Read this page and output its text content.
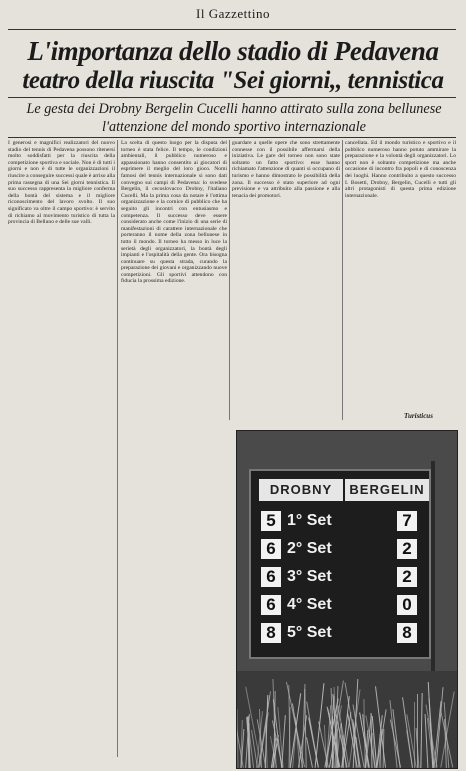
Il Gazzettino
L'importanza dello stadio di Pedavena
teatro della riuscita "Sei giorni,, tennistica
Le gesta dei Drobny Bergelin Cucelli hanno attirato sulla zona bellunese l'attenzione del mondo sportivo internazionale
I generosi e magnifici realizzatori del nuovo stadio del tennis di Pedavena possono ritenersi molto soddisfatti per la riuscita della competizione sportiva e sociale. Non è di tutti i giorni e non è di tutte le organizzazioni il riuscire a conseguire successi quale è arriso alla prima rassegna di una Sei giorni tennistica. Il suo successo rappresenta la migliore conferma della bontà del sistema e il migliore riconoscimento del lavoro svolto. Il suo significato va oltre il campo sportivo: è servito di richiamo al movimento turistico di tutta la provincia di Belluno e delle sue valli.
La scelta di questo luogo per la disputa del torneo è stata felice. Il tempo, le condizioni ambientali, il pubblico numeroso e appassionato hanno consentito ai giocatori di esprimere il meglio del loro gioco. Nomi famosi del tennis internazionale si sono dati convegno sui campi di Pedavena: lo svedese Bergelin, il cecoslovacco Drobny, l'italiano Cucelli. Ma la prima cosa da notare è l'ottima organizzazione e la cornice di pubblico che ha seguito gli incontri con entusiasmo e competenza. Il successo deve essere considerato anche come l'inizio di una serie di manifestazioni di carattere internazionale che porteranno il nome della zona bellunese in tutto il mondo. Il torneo ha messo in luce la serietà degli organizzatori, la bontà degli impianti e l'ospitalità della gente. Ora bisogna continuare su questa strada, curando la preparazione dei giovani e organizzando nuove competizioni. Gli sportivi attendono con fiducia la prossima edizione.
guardare a quelle opere che sono strettamente connesse con il possibile affermarsi della iniziativa. Le gare del torneo non sono state soltanto un fatto sportivo: esse hanno richiamato l'attenzione di quanti si occupano di turismo e hanno dimostrato le possibilità della zona. Il successo è stato superiore ad ogni previsione e va attribuito alla passione e alla tenacia dei promotori.
cancellata. Ed il mondo turistico e sportivo e il pubblico numeroso hanno potuto ammirare la preparazione e la volontà degli organizzatori. Lo sport non è soltanto competizione ma anche occasione di incontro fra popoli e di conoscenza dei luoghi. Hanno contribuito a questo successo I. Bosetti, Drobny, Bergelin, Cucelli e tutti gli altri protagonisti di questa prima edizione internazionale.
Turisticus
DROBNY	BERGELIN
5 1° Set	7
6 2° Set	2
6 3° Set	2
6 4° Set	0
8 5° Set	8
